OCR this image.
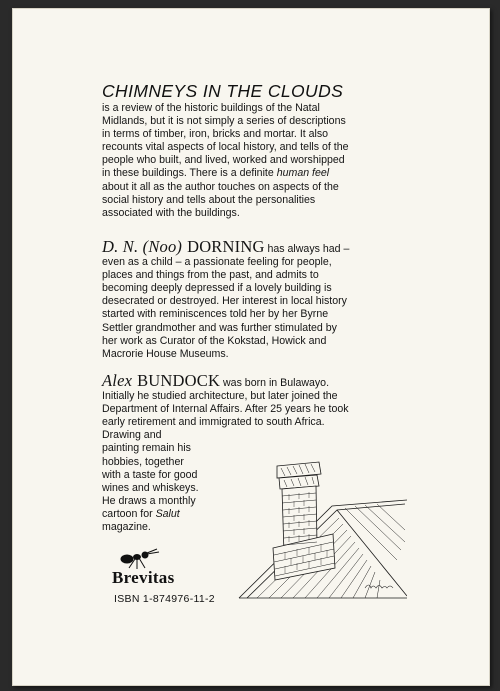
CHIMNEYS IN THE CLOUDS
is a review of the historic buildings of the Natal
Midlands, but it is not simply a series of descriptions
in terms of timber, iron, bricks and mortar. It also
recounts vital aspects of local history, and tells of the
people who built, and lived, worked and worshipped
in these buildings. There is a definite human feel
about it all as the author touches on aspects of the
social history and tells about the personalities
associated with the buildings.
D. N. (Noo) DORNING has always had –
even as a child – a passionate feeling for people,
places and things from the past, and admits to
becoming deeply depressed if a lovely building is
desecrated or destroyed. Her interest in local history
started with reminiscences told her by her Byrne
Settler grandmother and was further stimulated by
her work as Curator of the Kokstad, Howick and
Macrorie House Museums.
Alex BUNDOCK was born in Bulawayo.
Initially he studied architecture, but later joined the
Department of Internal Affairs. After 25 years he took
early retirement and immigrated to south Africa.
Drawing and
painting remain his
hobbies, together
with a taste for good
wines and whiskeys.
He draws a monthly
cartoon for Salut
magazine.
Brevitas
ISBN 1-874976-11-2
